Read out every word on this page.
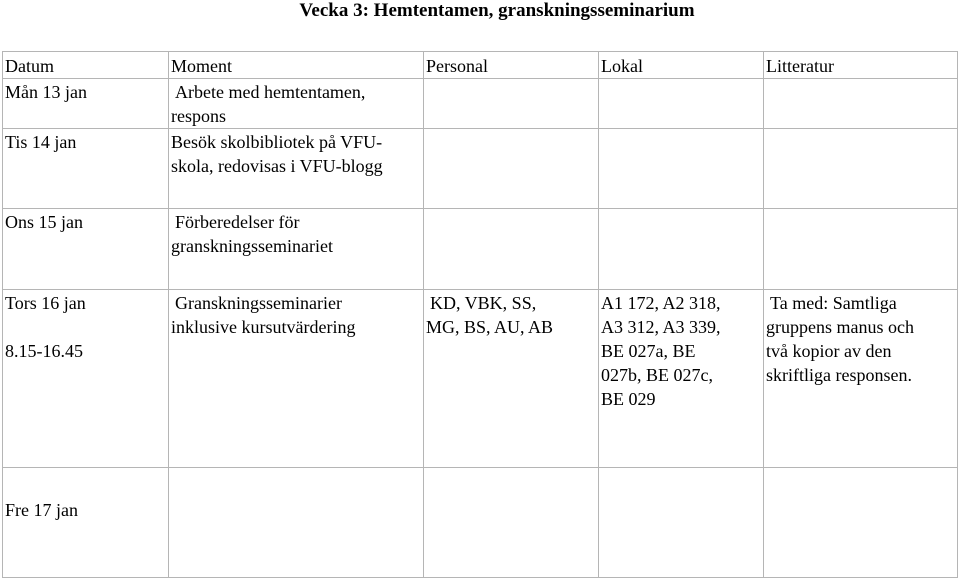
Vecka 3: Hemtentamen, granskningsseminarium
Datum	Moment	Personal	Lokal	Litteratur

Mån 13 jan	Arbete med hemtentamen,
respons			

Tis 14 jan	Besök skolbibliotek på VFU-
skola, redovisas i VFU-blogg			

Ons 15 jan	Förberedelser för
granskningsseminariet			

Tors 16 jan
8.15-16.45	Granskningsseminarier
inklusive kursutvärdering	KD, VBK, SS,
MG, BS, AU, AB	A1 172, A2 318,
A3 312, A3 339,
BE 027a, BE
027b, BE 027c,
BE 029	Ta med: Samtliga
gruppens manus och
två kopior av den
skriftliga responsen.

Fre 17 jan				
